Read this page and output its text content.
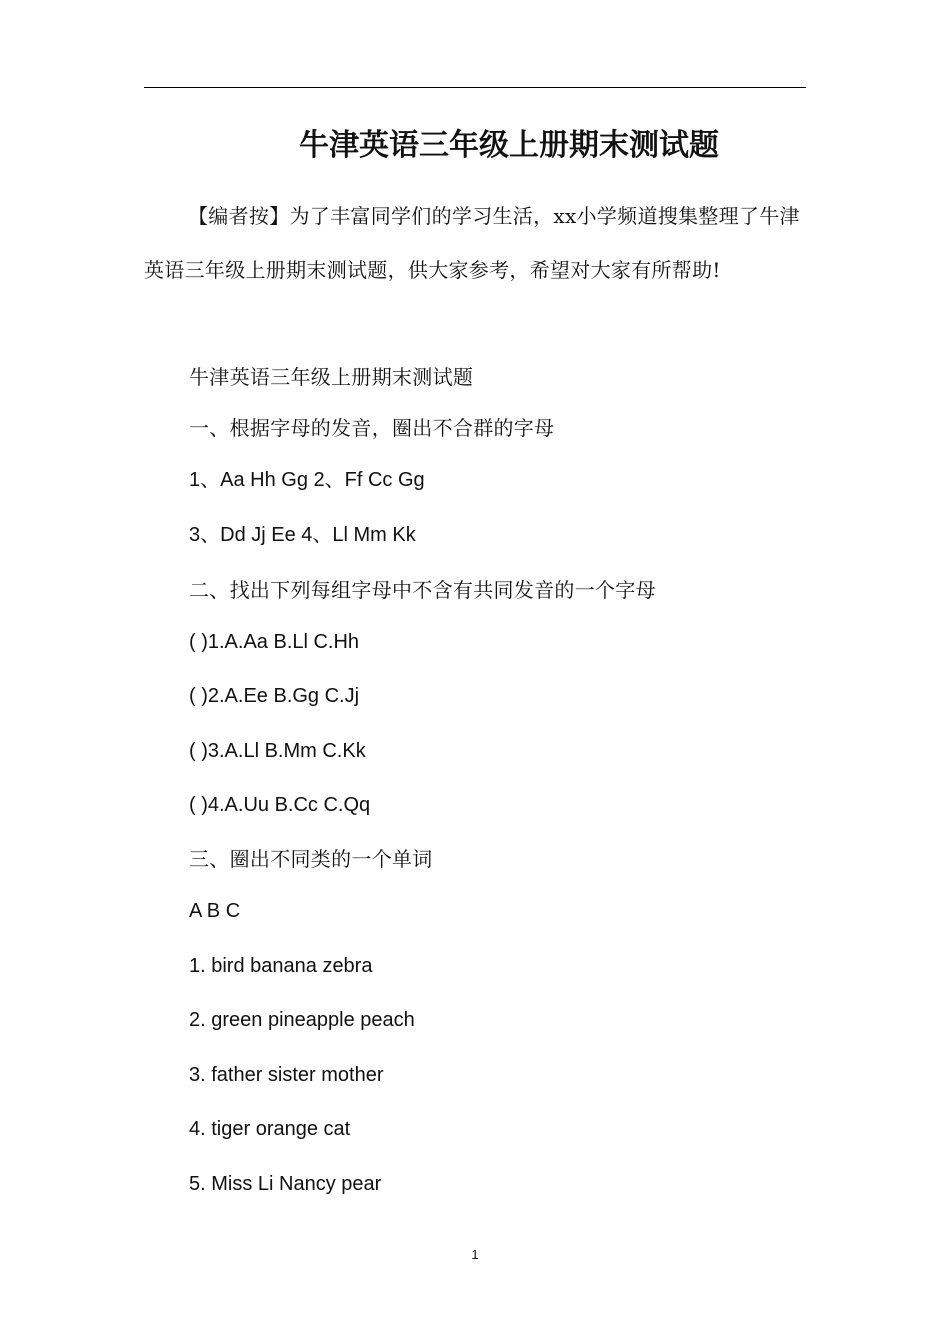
牛津英语三年级上册期末测试题
【编者按】为了丰富同学们的学习生活，xx小学频道搜集整理了牛津英语三年级上册期末测试题，供大家参考，希望对大家有所帮助!
牛津英语三年级上册期末测试题
一、根据字母的发音，圈出不合群的字母
1、Aa Hh Gg 2、Ff Cc Gg
3、Dd Jj Ee 4、Ll Mm Kk
二、找出下列每组字母中不含有共同发音的一个字母
( )1.A.Aa B.Ll C.Hh
( )2.A.Ee B.Gg C.Jj
( )3.A.Ll B.Mm C.Kk
( )4.A.Uu B.Cc C.Qq
三、圈出不同类的一个单词
A B C
1. bird banana zebra
2. green pineapple peach
3. father sister mother
4. tiger orange cat
5. Miss Li Nancy pear
1
